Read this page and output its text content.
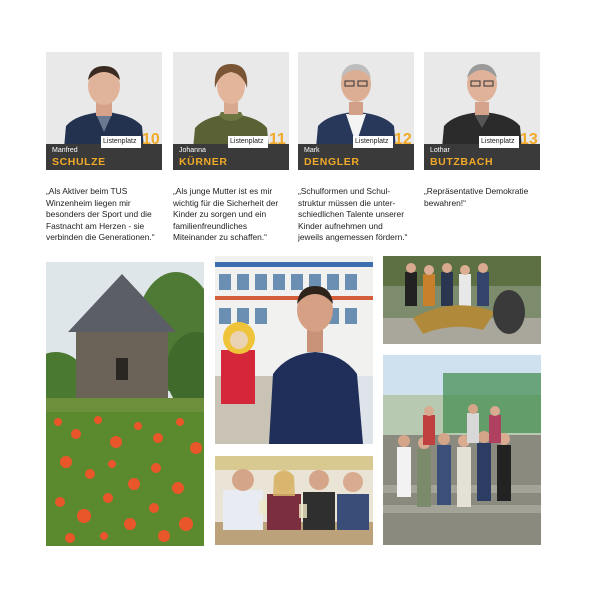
Manfred
SCHULZE
Listenplatz 10
„Als Aktiver beim TUS
Winzenheim liegen mir
besonders der Sport und die
Fastnacht am Herzen - sie
verbinden die Generationen.“
Johanna
KÜRNER
Listenplatz 11
„Als junge Mutter ist es mir
wichtig für die Sicherheit der
Kinder zu sorgen und ein
familienfreundliches
Miteinander zu schaffen.“
Mark
DENGLER
Listenplatz 12
„Schulformen und Schul-
struktur müssen die unter-
schiedlichen Talente unserer
Kinder aufnehmen und
jeweils angemessen fördern.“
Lothar
BUTZBACH
Listenplatz 13
„Repräsentative Demokratie
bewahren!“
